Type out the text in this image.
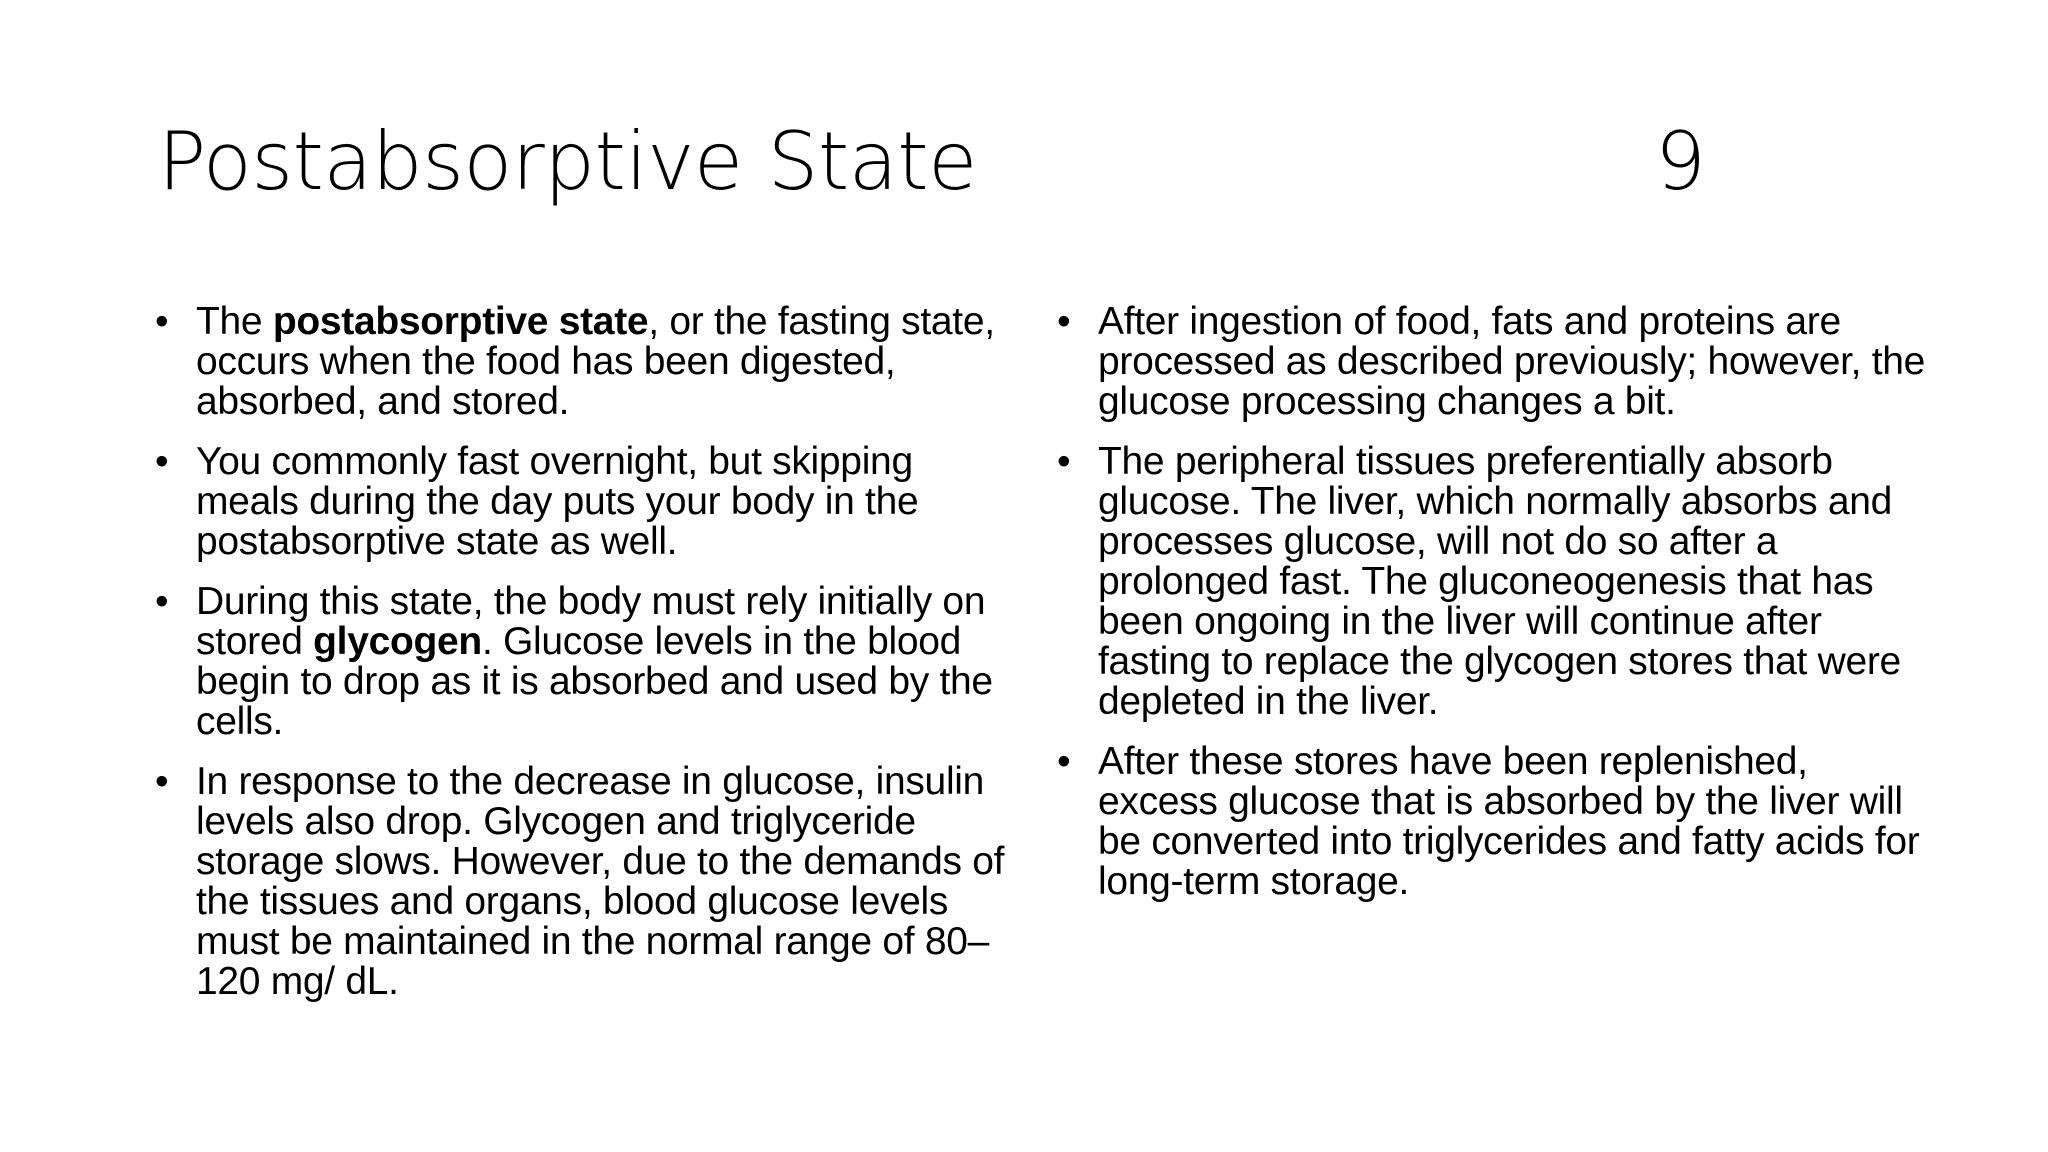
Postabsorptive State	9
• The postabsorptive state, or the fasting state, occurs when the food has been digested, absorbed, and stored.
• You commonly fast overnight, but skipping meals during the day puts your body in the postabsorptive state as well.
• During this state, the body must rely initially on stored glycogen. Glucose levels in the blood begin to drop as it is absorbed and used by the cells.
• In response to the decrease in glucose, insulin levels also drop. Glycogen and triglyceride storage slows. However, due to the demands of the tissues and organs, blood glucose levels must be maintained in the normal range of 80–120 mg/ dL.
• After ingestion of food, fats and proteins are processed as described previously; however, the glucose processing changes a bit.
• The peripheral tissues preferentially absorb glucose. The liver, which normally absorbs and processes glucose, will not do so after a prolonged fast. The gluconeogenesis that has been ongoing in the liver will continue after fasting to replace the glycogen stores that were depleted in the liver.
• After these stores have been replenished, excess glucose that is absorbed by the liver will be converted into triglycerides and fatty acids for long-term storage.
